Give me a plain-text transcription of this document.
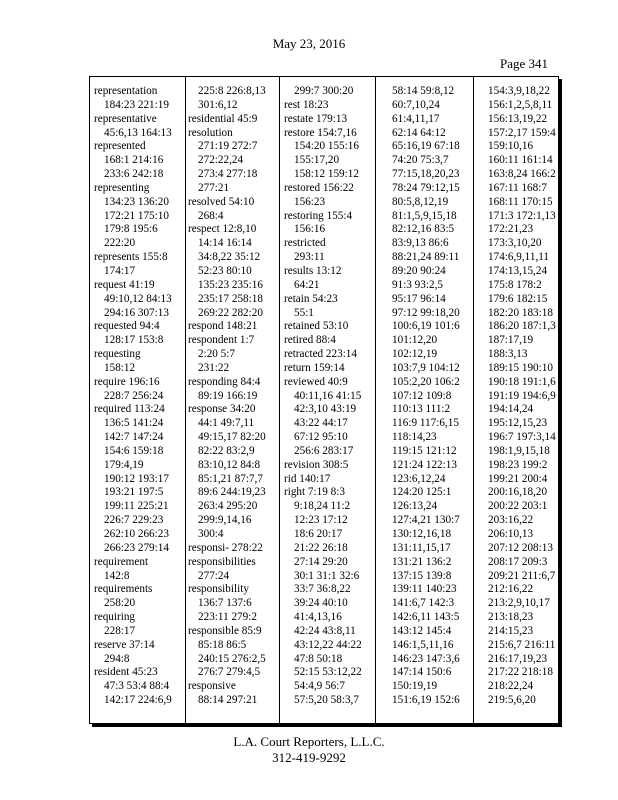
May 23, 2016
Page 341
representation
184:23 221:19
representative
45:6,13 164:13
represented
168:1 214:16
233:6 242:18
representing
134:23 136:20
172:21 175:10
179:8 195:6
222:20
represents 155:8
174:17
request 41:19
49:10,12 84:13
294:16 307:13
requested 94:4
128:17 153:8
requesting
158:12
require 196:16
228:7 256:24
required 113:24
136:5 141:24
142:7 147:24
154:6 159:18
179:4,19
190:12 193:17
193:21 197:5
199:11 225:21
226:7 229:23
262:10 266:23
266:23 279:14
requirement
142:8
requirements
258:20
requiring
228:17
reserve 37:14
294:8
resident 45:23
47:3 53:4 88:4
142:17 224:6,9
225:8 226:8,13
301:6,12
residential 45:9
resolution
271:19 272:7
272:22,24
273:4 277:18
277:21
resolved 54:10
268:4
respect 12:8,10
14:14 16:14
34:8,22 35:12
52:23 80:10
135:23 235:16
235:17 258:18
269:22 282:20
respond 148:21
respondent 1:7
2:20 5:7
231:22
responding 84:4
89:19 166:19
response 34:20
44:1 49:7,11
49:15,17 82:20
82:22 83:2,9
83:10,12 84:8
85:1,21 87:7,7
89:6 244:19,23
263:4 295:20
299:9,14,16
300:4
responsi- 278:22
responsibilities
277:24
responsibility
136:7 137:6
223:11 279:2
responsible 85:9
85:18 86:5
240:15 276:2,5
276:7 279:4,5
responsive
88:14 297:21
299:7 300:20
rest 18:23
restate 179:13
restore 154:7,16
154:20 155:16
155:17,20
158:12 159:12
restored 156:22
156:23
restoring 155:4
156:16
restricted
293:11
results 13:12
64:21
retain 54:23
55:1
retained 53:10
retired 88:4
retracted 223:14
return 159:14
reviewed 40:9
40:11,16 41:15
42:3,10 43:19
43:22 44:17
67:12 95:10
256:6 283:17
revision 308:5
rid 140:17
right 7:19 8:3
9:18,24 11:2
12:23 17:12
18:6 20:17
21:22 26:18
27:14 29:20
30:1 31:1 32:6
33:7 36:8,22
39:24 40:10
41:4,13,16
42:24 43:8,11
43:12,22 44:22
47:8 50:18
52:15 53:12,22
54:4,9 56:7
57:5,20 58:3,7
58:14 59:8,12
60:7,10,24
61:4,11,17
62:14 64:12
65:16,19 67:18
74:20 75:3,7
77:15,18,20,23
78:24 79:12,15
80:5,8,12,19
81:1,5,9,15,18
82:12,16 83:5
83:9,13 86:6
88:21,24 89:11
89:20 90:24
91:3 93:2,5
95:17 96:14
97:12 99:18,20
100:6,19 101:6
101:12,20
102:12,19
103:7,9 104:12
105:2,20 106:2
107:12 109:8
110:13 111:2
116:9 117:6,15
118:14,23
119:15 121:12
121:24 122:13
123:6,12,24
124:20 125:1
126:13,24
127:4,21 130:7
130:12,16,18
131:11,15,17
131:21 136:2
137:15 139:8
139:11 140:23
141:6,7 142:3
142:6,11 143:5
143:12 145:4
146:1,5,11,16
146:23 147:3,6
147:14 150:6
150:19,19
151:6,19 152:6
154:3,9,18,22
156:1,2,5,8,11
156:13,19,22
157:2,17 159:4
159:10,16
160:11 161:14
163:8,24 166:2
167:11 168:7
168:11 170:15
171:3 172:1,13
172:21,23
173:3,10,20
174:6,9,11,11
174:13,15,24
175:8 178:2
179:6 182:15
182:20 183:18
186:20 187:1,3
187:17,19
188:3,13
189:15 190:10
190:18 191:1,6
191:19 194:6,9
194:14,24
195:12,15,23
196:7 197:3,14
198:1,9,15,18
198:23 199:2
199:21 200:4
200:16,18,20
200:22 203:1
203:16,22
206:10,13
207:12 208:13
208:17 209:3
209:21 211:6,7
212:16,22
213:2,9,10,17
213:18,23
214:15,23
215:6,7 216:11
216:17,19,23
217:22 218:18
218:22,24
219:5,6,20
L.A. Court Reporters, L.L.C.
312-419-9292
